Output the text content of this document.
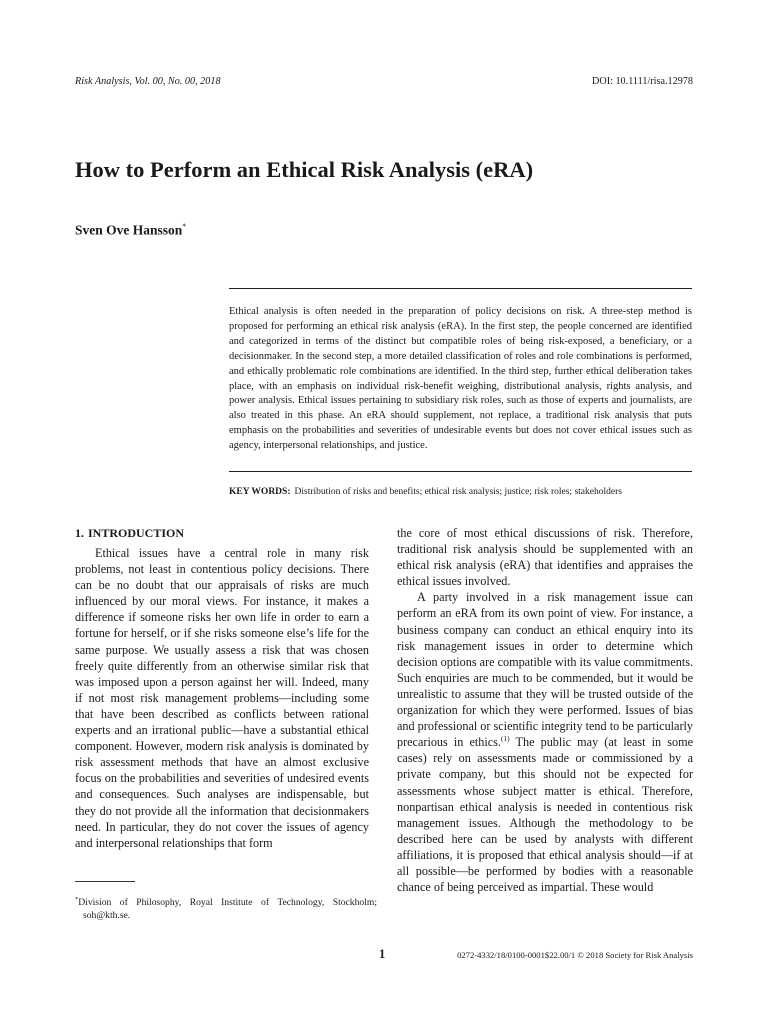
Risk Analysis, Vol. 00, No. 00, 2018	DOI: 10.1111/risa.12978
How to Perform an Ethical Risk Analysis (eRA)
Sven Ove Hansson*

Ethical analysis is often needed in the preparation of policy decisions on risk. A three-step method is proposed for performing an ethical risk analysis (eRA). In the first step, the people concerned are identified and categorized in terms of the distinct but compatible roles of being risk-exposed, a beneficiary, or a decisionmaker. In the second step, a more detailed classification of roles and role combinations is performed, and ethically problematic role combinations are identified. In the third step, further ethical deliberation takes place, with an emphasis on individual risk-benefit weighing, distributional analysis, rights analysis, and power analysis. Ethical issues pertaining to subsidiary risk roles, such as those of experts and journalists, are also treated in this phase. An eRA should supplement, not replace, a traditional risk analysis that puts emphasis on the probabilities and severities of undesirable events but does not cover ethical issues such as agency, interpersonal relationships, and justice.

KEY WORDS: Distribution of risks and benefits; ethical risk analysis; justice; risk roles; stakeholders
1. INTRODUCTION

Ethical issues have a central role in many risk problems, not least in contentious policy decisions. There can be no doubt that our appraisals of risks are much influenced by our moral views. For instance, it makes a difference if someone risks her own life in order to earn a fortune for herself, or if she risks someone else’s life for the same purpose. We usually assess a risk that was chosen freely quite differently from an otherwise similar risk that was imposed upon a person against her will. Indeed, many if not most risk management problems—including some that have been described as conflicts between rational experts and an irrational public—have a substantial ethical component. However, modern risk analysis is dominated by risk assessment methods that have an almost exclusive focus on the probabilities and severities of undesired events and consequences. Such analyses are indispensable, but they do not provide all the information that decisionmakers need. In particular, they do not cover the issues of agency and interpersonal relationships that form

the core of most ethical discussions of risk. Therefore, traditional risk analysis should be supplemented with an ethical risk analysis (eRA) that identifies and appraises the ethical issues involved.

A party involved in a risk management issue can perform an eRA from its own point of view. For instance, a business company can conduct an ethical enquiry into its risk management issues in order to determine which decision options are compatible with its value commitments. Such enquiries are much to be commended, but it would be unrealistic to assume that they will be trusted outside of the organization for which they were performed. Issues of bias and professional or scientific integrity tend to be particularly precarious in ethics.$^{(1)}$ The public may (at least in some cases) rely on assessments made or commissioned by a private company, but this should not be expected for assessments whose subject matter is ethical. Therefore, nonpartisan ethical analysis is needed in contentious risk management issues. Although the methodology to be described here can be used by analysts with different affiliations, it is proposed that ethical analysis should—if at all possible—be performed by bodies with a reasonable chance of being perceived as impartial. These would

*Division of Philosophy, Royal Institute of Technology, Stockholm; soh@kth.se.

1	0272-4332/18/0100-0001$22.00/1 © 2018 Society for Risk Analysis
